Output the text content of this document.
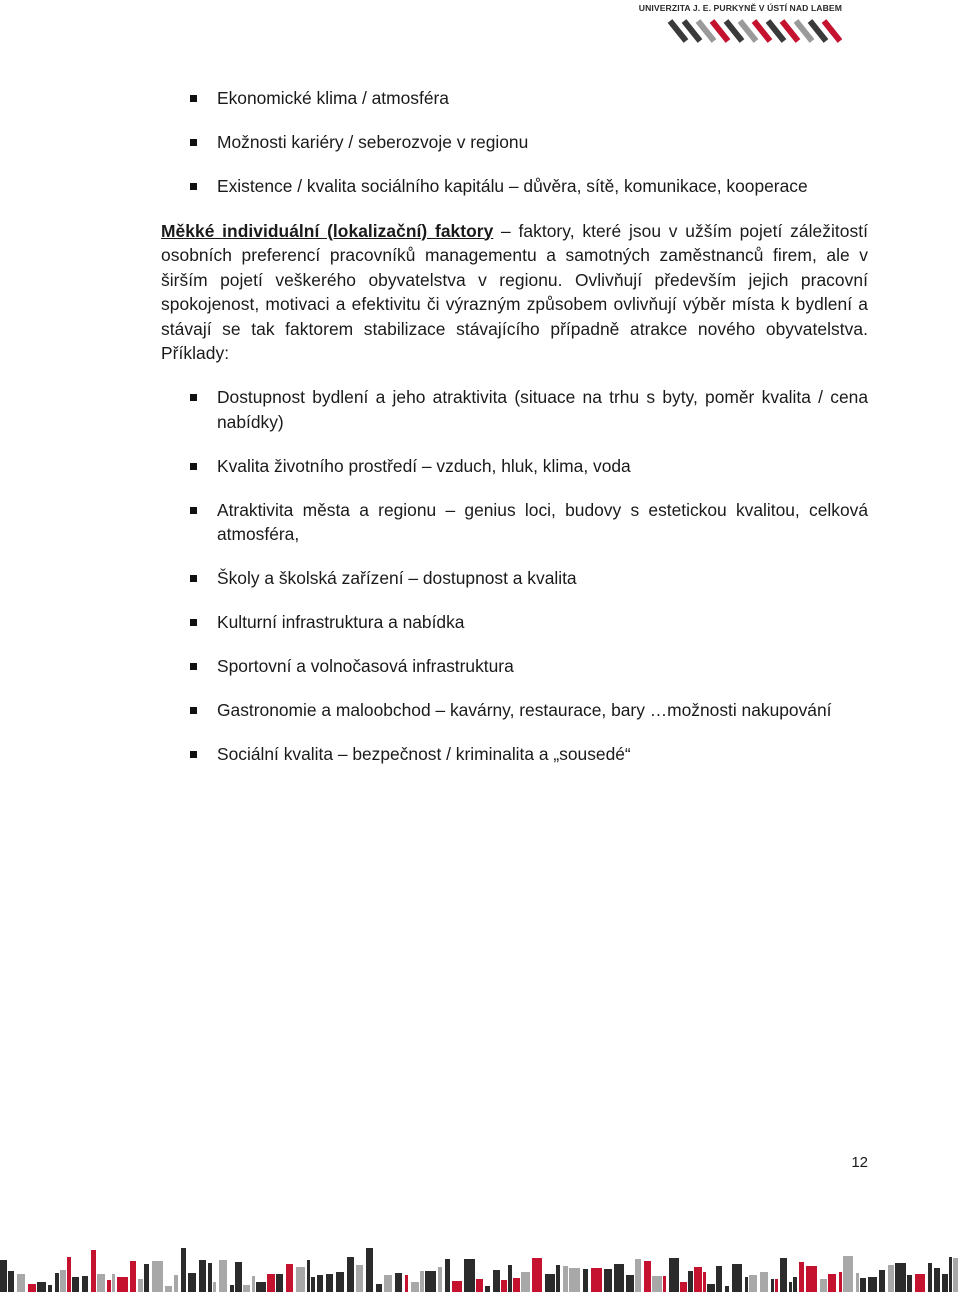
UNIVERZITA J. E. PURKYNĚ V ÚSTÍ NAD LABEM
Ekonomické klima / atmosféra
Možnosti kariéry / seberozvoje v regionu
Existence / kvalita sociálního kapitálu – důvěra, sítě, komunikace, kooperace

Měkké individuální (lokalizační) faktory – faktory, které jsou v užším pojetí záležitostí osobních preferencí pracovníků managementu a samotných zaměstnanců firem, ale v širším pojetí veškerého obyvatelstva v regionu. Ovlivňují především jejich pracovní spokojenost, motivaci a efektivitu či výrazným způsobem ovlivňují výběr místa k bydlení a stávají se tak faktorem stabilizace stávajícího případně atrakce nového obyvatelstva. Příklady:

Dostupnost bydlení a jeho atraktivita (situace na trhu s byty, poměr kvalita / cena nabídky)
Kvalita životního prostředí – vzduch, hluk, klima, voda
Atraktivita města a regionu – genius loci, budovy s estetickou kvalitou, celková atmosféra,
Školy a školská zařízení – dostupnost a kvalita
Kulturní infrastruktura a nabídka
Sportovní a volnočasová infrastruktura
Gastronomie a maloobchod – kavárny, restaurace, bary …možnosti nakupování
Sociální kvalita – bezpečnost / kriminalita a „sousedé“
12
